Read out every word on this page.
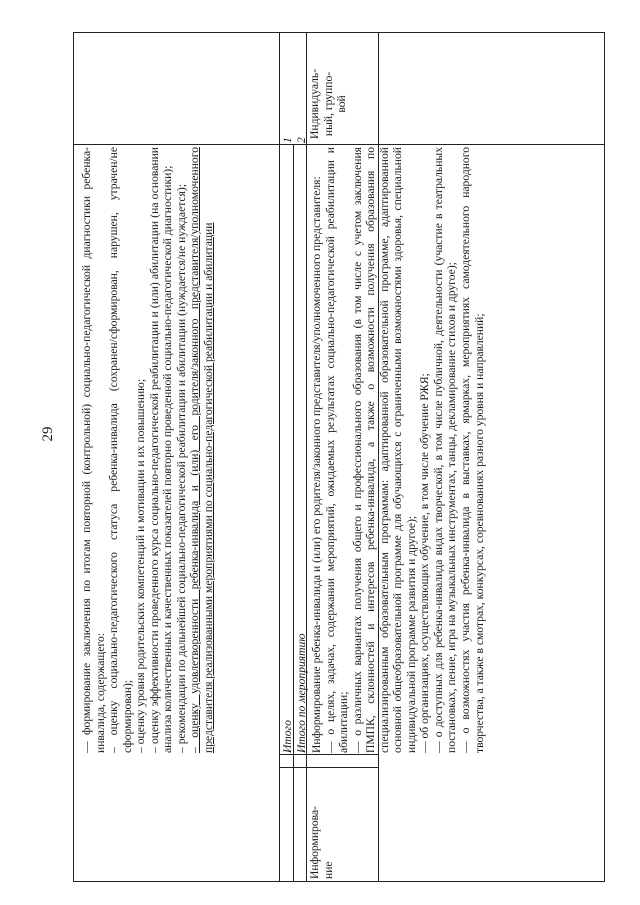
29 — формирование заключения по итогам повторной (контрольной) социально-педагогической диагностики ребенка-инвалида, содержащего: – оценку социально-педагогического статуса ребенка-инвалида (сохранен/сформирован, нарушен, утрачен/не сформирован); – оценку уровня родительских компетенций и мотивации и их повышению; – оценку эффективности проведенного курса социально-педагогической реабилитации и (или) абилитации (на основании анализа количественных и качественных показателей повторно проведенной социально-педагогической диагностики); – рекомендации по дальнейшей социально-педагогической реабилитации и абилитации (нуждается/не нуждается); – оценку удовлетворенности ребенка-инвалида и (или) его родителя/законного представителя/уполномоченного представителя реализованными мероприятиями по социально-педагогической реабилитации и абилитации

1 2
Индивидуаль- ный, группо- вой
Итого Итого по мероприятию
Информирова- ние

Информирование ребенка-инвалида и (или) его родителя/законного представителя/уполномоченного представителя: — о целях, задачах, содержании мероприятий, ожидаемых результатах социально-педагогической реабилитации и абилитации; — о различных вариантах получения общего и профессионального образования (в том числе с учетом заключения ПМПК, склонностей и интересов ребенка-инвалида, а также о возможности получения образования по специализированным образовательным программам: адаптированной образовательной программе, адаптированной основной общеобразовательной программе для обучающихся с ограниченными возможностями здоровья, специальной индивидуальной программе развития и другое); — об организациях, осуществляющих обучение, в том числе обучение РЖЯ; — о доступных для ребенка-инвалида видах творческой, в том числе публичной, деятельности (участие в театральных постановках, пение, игра на музыкальных инструментах, танцы, декламирование стихов и другое); — о возможностях участия ребенка-инвалида в выставках, ярмарках, мероприятиях самодеятельного народного творчества, а также в смотрах, конкурсах, соревнованиях разного уровня и направлений;
